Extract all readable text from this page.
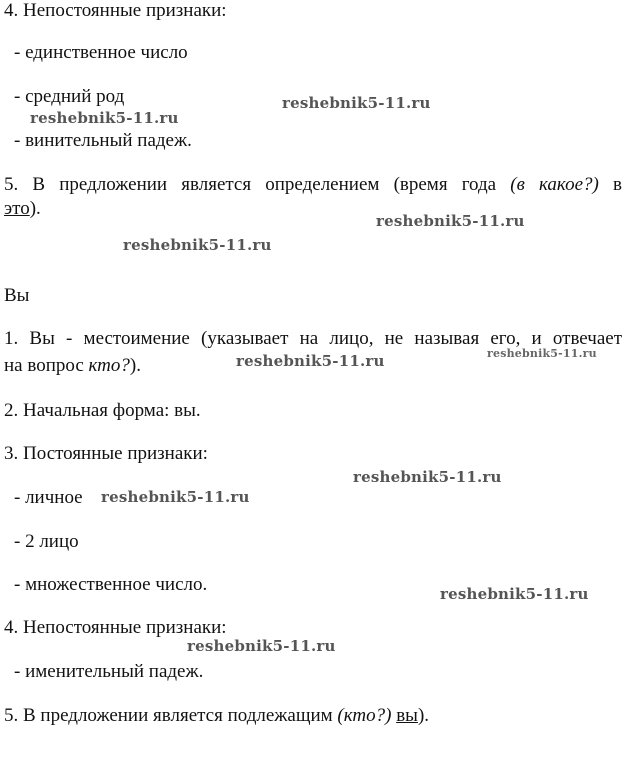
4. Непостоянные признаки:
- единственное число
- средний род
- винительный падеж.
5. В предложении является определением (время года (в какое?) в
это).
Вы
1. Вы - местоимение (указывает на лицо, не называя его, и отвечает
на вопрос кто?).
2. Начальная форма: вы.
3. Постоянные признаки:
- личное
- 2 лицо
- множественное число.
4. Непостоянные признаки:
- именительный падеж.
5. В предложении является подлежащим (кто?) вы).
reshebnik5-11.ru
reshebnik5-11.ru
reshebnik5-11.ru
reshebnik5-11.ru
reshebnik5-11.ru	reshebnik5-11.ru
reshebnik5-11.ru
reshebnik5-11.ru
reshebnik5-11.ru
reshebnik5-11.ru
